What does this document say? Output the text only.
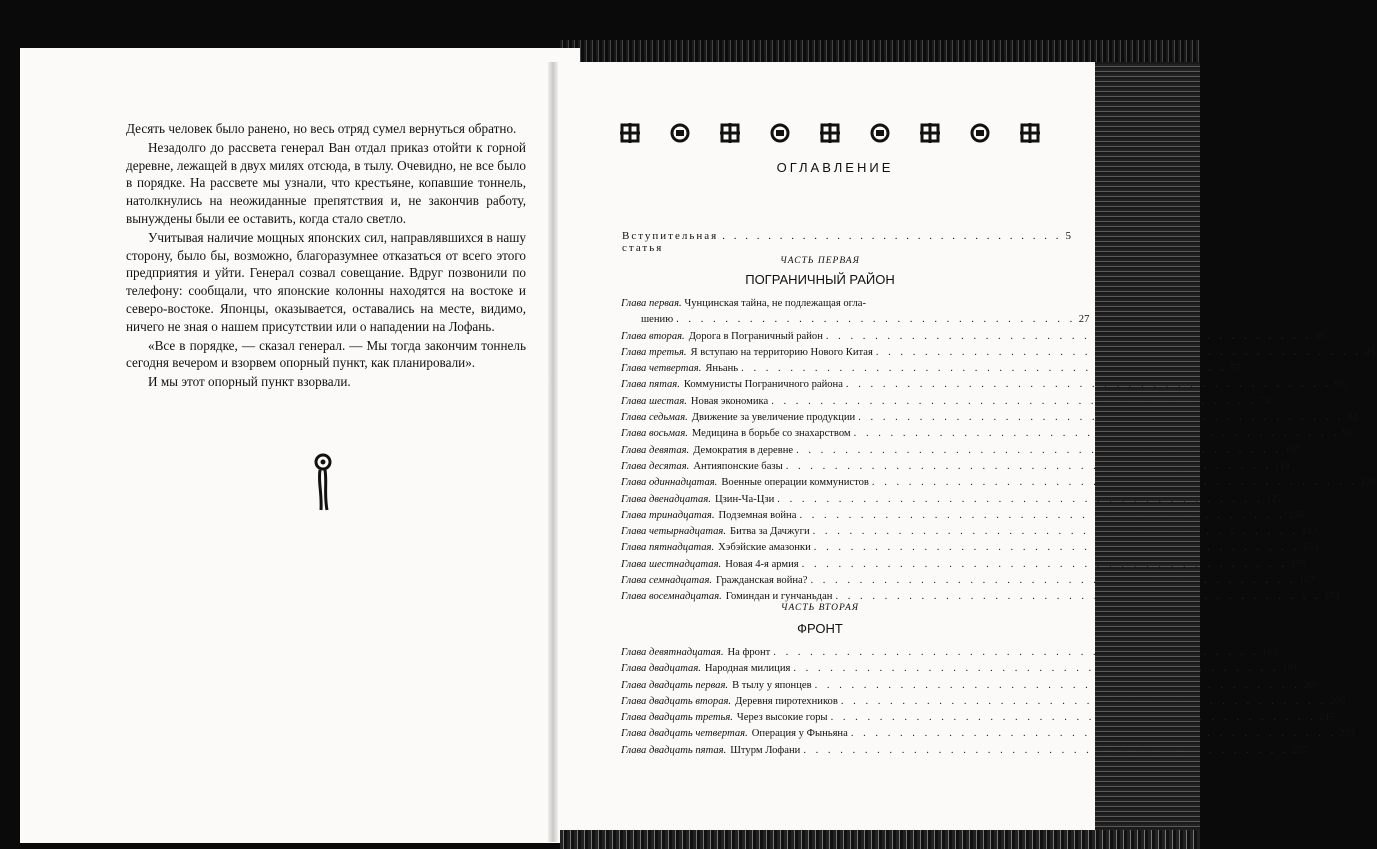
Десять человек было ранено, но весь отряд сумел вернуться обратно.

Незадолго до рассвета генерал Ван отдал приказ отойти к горной деревне, лежащей в двух милях отсюда, в тылу. Очевидно, не все было в порядке. На рассвете мы узнали, что крестьяне, копавшие тоннель, натолкнулись на неожиданные препятствия и, не закончив работу, вынуждены были ее оставить, когда стало светло.

Учитывая наличие мощных японских сил, направлявшихся в нашу сторону, было бы, возможно, благоразумнее отказаться от всего этого предприятия и уйти. Генерал созвал совещание. Вдруг позвонили по телефону: сообщали, что японские колонны находятся на востоке и северо-востоке. Японцы, оказывается, оставались на месте, видимо, ничего не зная о нашем присутствии или о нападении на Лофань.

«Все в порядке, — сказал генерал. — Мы тогда закончим тоннель сегодня вечером и взорвем опорный пункт, как планировали».

И мы этот опорный пункт взорвали.

ОГЛАВЛЕНИЕ
Вступительная статья
. . . . . . . . . . . . . . . . . . . . . . . . . . . . . . 5
ЧАСТЬ ПЕРВАЯ
ПОГРАНИЧНЫЙ РАЙОН
Глава первая. Чунцинская тайна, не подлежащая огла-
шению . . . . . . . . . . . . . . . . . . . . . . . . . . . . . . . . . 27
Глава вторая. Дорога в Пограничный район . . . . . . . . . . . . . . . . . . . . . . . . . . . . . . . . . . . . . . . . 39
Глава третья. Я вступаю на территорию Нового Китая . . . . . . . . . . . . . . . . . . . . . . . . . . . . . . . . . . . . . . . . 45
Глава четвертая. Яньань . . . . . . . . . . . . . . . . . . . . . . . . . . . . . . . . . . . . . . . . 57
Глава пятая. Коммунисты Пограничного района . . . . . . . . . . . . . . . . . . . . . . . . . . . . . . . . . . . . . . . . 65
Глава шестая. Новая экономика . . . . . . . . . . . . . . . . . . . . . . . . . . . . . . . . . . . . . . . . 74
Глава седьмая. Движение за увеличение продукции . . . . . . . . . . . . . . . . . . . . . . . . . . . . . . . . . . . . . . . . 82
Глава восьмая. Медицина в борьбе со знахарством . . . . . . . . . . . . . . . . . . . . . . . . . . . . . . . . . . . . . . . . 96
Глава девятая. Демократия в деревне . . . . . . . . . . . . . . . . . . . . . . . . . . . . . . . . . . . . . . . . 107
Глава десятая. Антияпонские базы . . . . . . . . . . . . . . . . . . . . . . . . . . . . . . . . . . . . . . . . 114
Глава одиннадцатая. Военные операции коммунистов . . . . . . . . . . . . . . . . . . . . . . . . . . . . . . . . . . . . . . . . 120
Глава двенадцатая. Цзин-Ча-Цзи . . . . . . . . . . . . . . . . . . . . . . . . . . . . . . . . . . . . . . . . 127
Глава тринадцатая. Подземная война . . . . . . . . . . . . . . . . . . . . . . . . . . . . . . . . . . . . . . . . 135
Глава четырнадцатая. Битва за Дачжуги . . . . . . . . . . . . . . . . . . . . . . . . . . . . . . . . . . . . . . . . 143
Глава пятнадцатая. Хэбэйские амазонки . . . . . . . . . . . . . . . . . . . . . . . . . . . . . . . . . . . . . . . . 153
Глава шестнадцатая. Новая 4-я армия . . . . . . . . . . . . . . . . . . . . . . . . . . . . . . . . . . . . . . . . 159
Глава семнадцатая. Гражданская война? . . . . . . . . . . . . . . . . . . . . . . . . . . . . . . . . . . . . . . . . 167
Глава восемнадцатая. Гоминдан и гунчаньдан . . . . . . . . . . . . . . . . . . . . . . . . . . . . . . . . . . . . . . . . 174
ЧАСТЬ ВТОРАЯ
ФРОНТ
Глава девятнадцатая. На фронт . . . . . . . . . . . . . . . . . . . . . . . . . . . . . . . . . . . . . . . . 183
Глава двадцатая. Народная милиция . . . . . . . . . . . . . . . . . . . . . . . . . . . . . . . . . . . . . . . . 191
Глава двадцать первая. В тылу у японцев . . . . . . . . . . . . . . . . . . . . . . . . . . . . . . . . . . . . . . . . 200
Глава двадцать вторая. Деревня пиротехников . . . . . . . . . . . . . . . . . . . . . . . . . . . . . . . . . . . . . . . . 208
Глава двадцать третья. Через высокие горы . . . . . . . . . . . . . . . . . . . . . . . . . . . . . . . . . . . . . . . . 215
Глава двадцать четвертая. Операция у Фыньяна . . . . . . . . . . . . . . . . . . . . . . . . . . . . . . . . . . . . . . . . 221
Глава двадцать пятая. Штурм Лофани . . . . . . . . . . . . . . . . . . . . . . . . . . . . . . . . . . . . . . . . 227
